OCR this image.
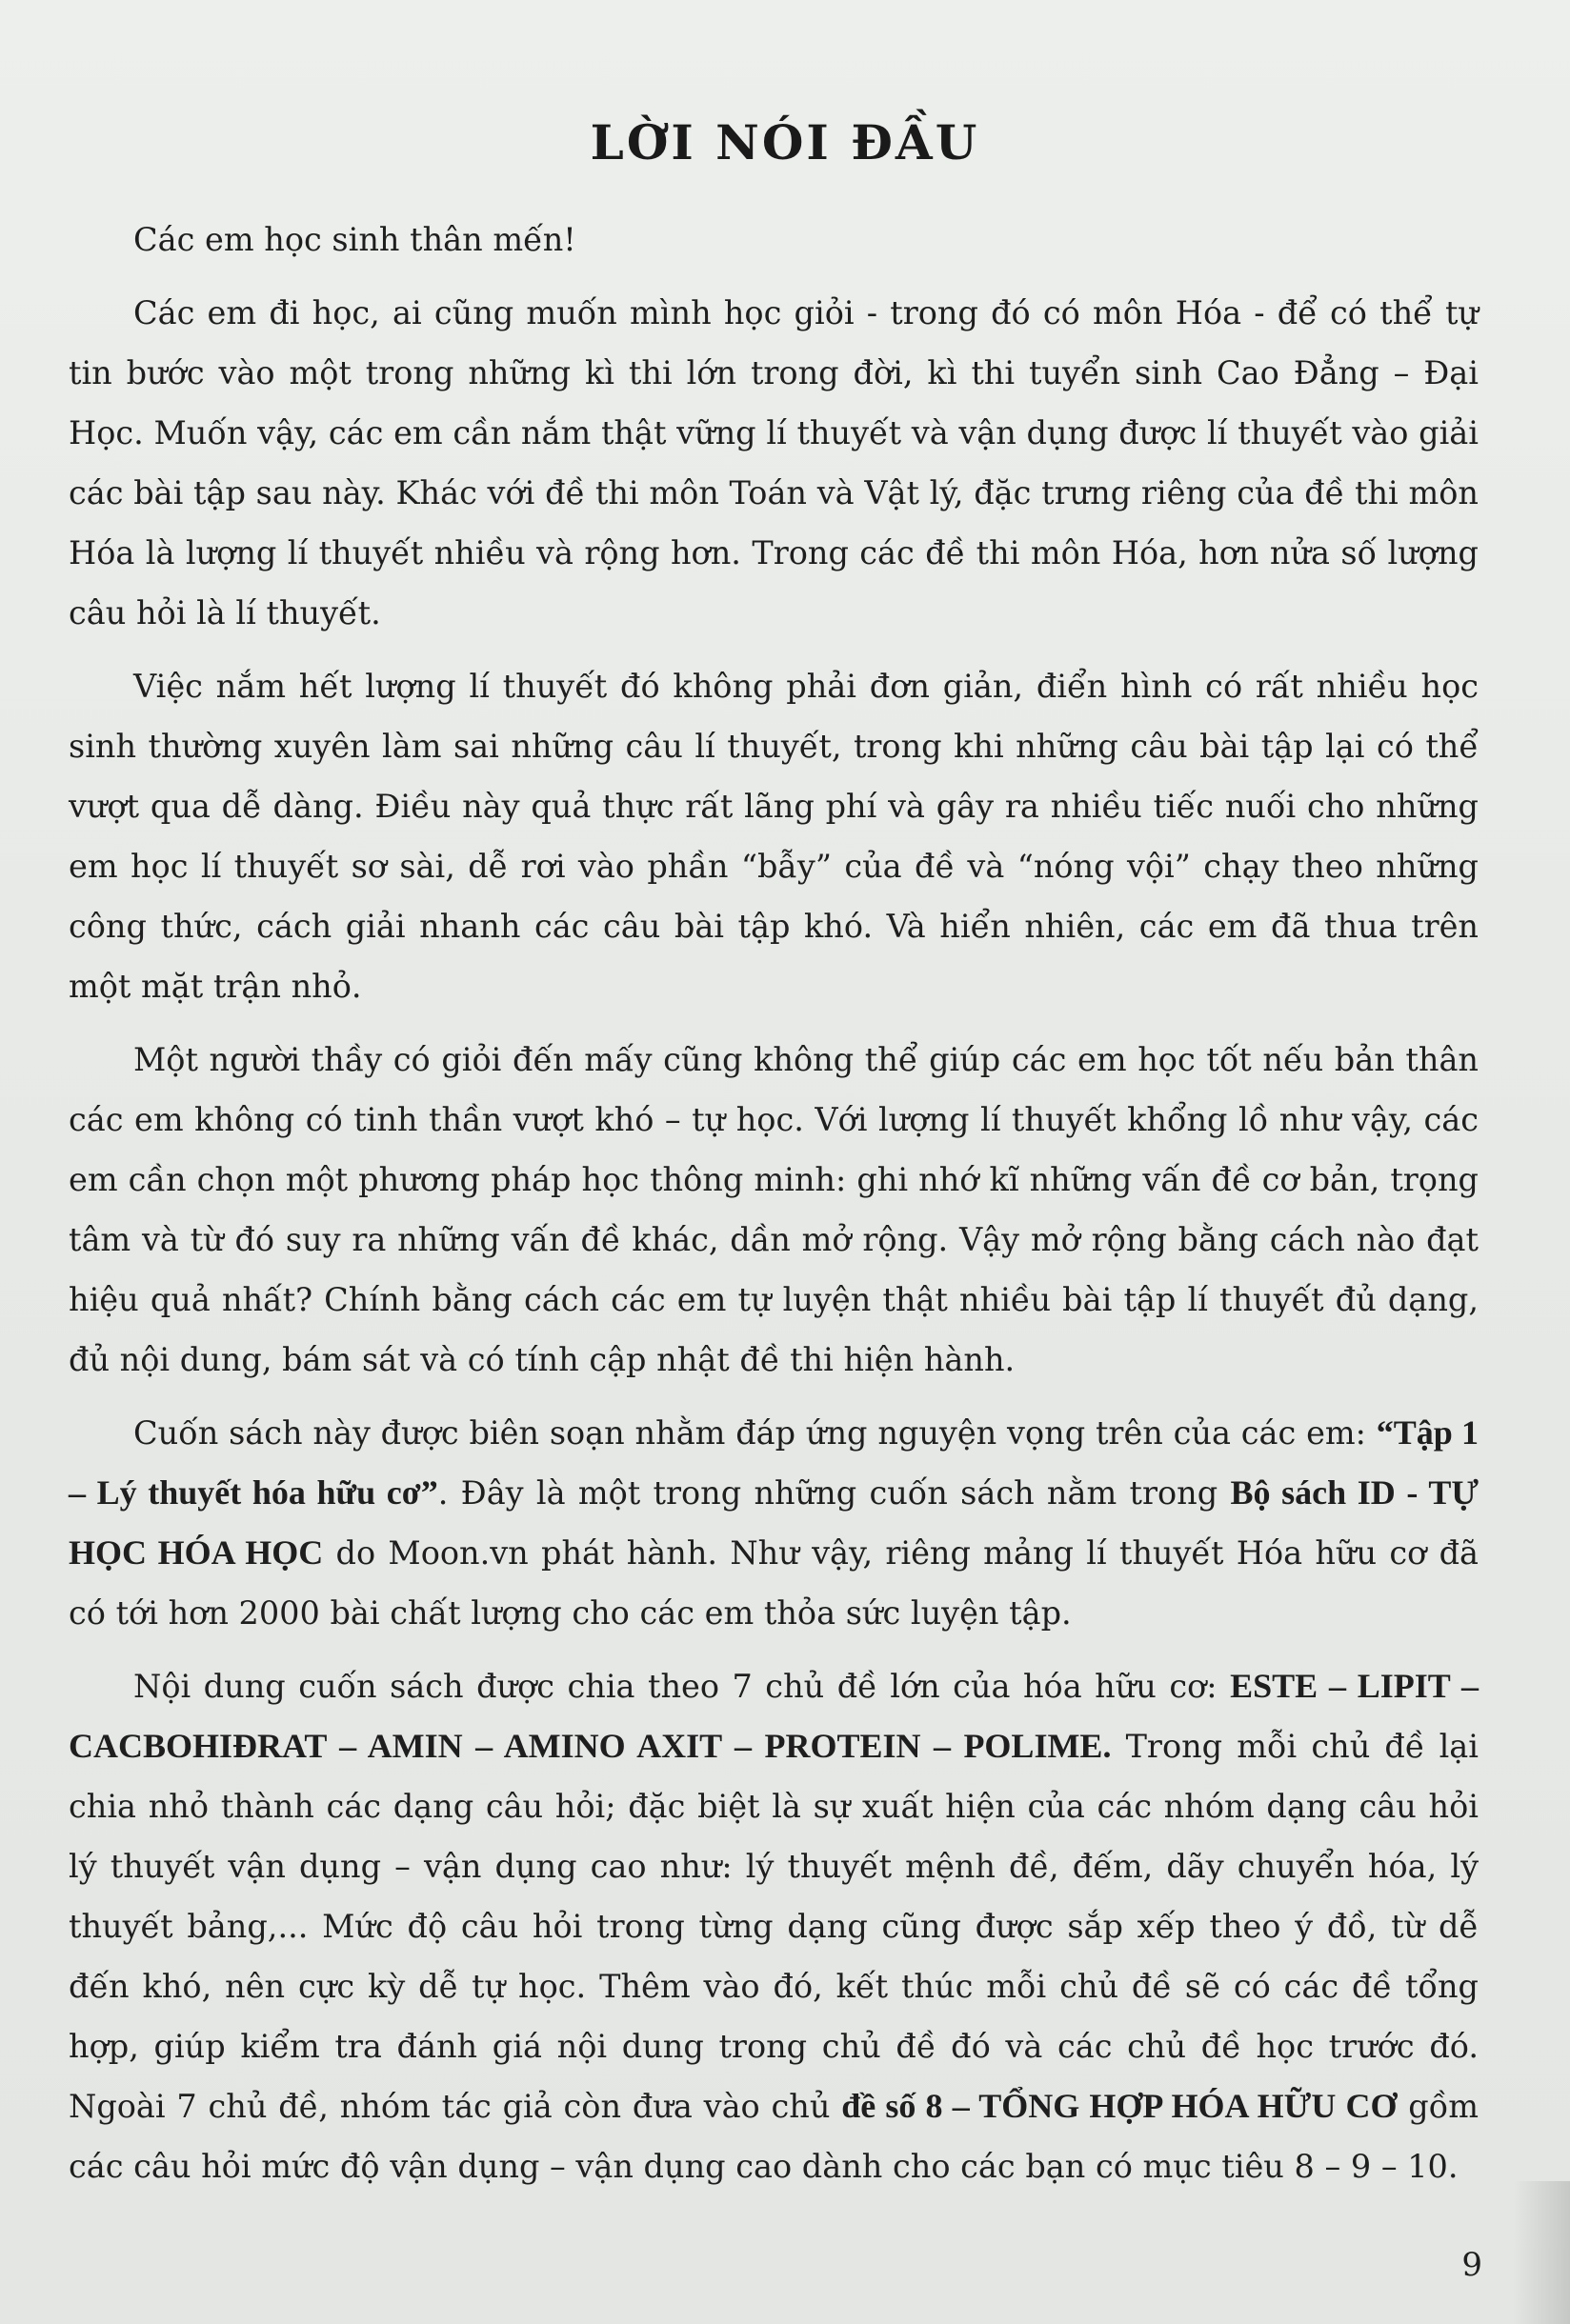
LỜI NÓI ĐẦU

Các em học sinh thân mến!

Các em đi học, ai cũng muốn mình học giỏi - trong đó có môn Hóa - để có thể tự tin bước vào một trong những kì thi lớn trong đời, kì thi tuyển sinh Cao Đẳng – Đại Học. Muốn vậy, các em cần nắm thật vững lí thuyết và vận dụng được lí thuyết vào giải các bài tập sau này. Khác với đề thi môn Toán và Vật lý, đặc trưng riêng của đề thi môn Hóa là lượng lí thuyết nhiều và rộng hơn. Trong các đề thi môn Hóa, hơn nửa số lượng câu hỏi là lí thuyết.

Việc nắm hết lượng lí thuyết đó không phải đơn giản, điển hình có rất nhiều học sinh thường xuyên làm sai những câu lí thuyết, trong khi những câu bài tập lại có thể vượt qua dễ dàng. Điều này quả thực rất lãng phí và gây ra nhiều tiếc nuối cho những em học lí thuyết sơ sài, dễ rơi vào phần “bẫy” của đề và “nóng vội” chạy theo những công thức, cách giải nhanh các câu bài tập khó. Và hiển nhiên, các em đã thua trên một mặt trận nhỏ.

Một người thầy có giỏi đến mấy cũng không thể giúp các em học tốt nếu bản thân các em không có tinh thần vượt khó – tự học. Với lượng lí thuyết khổng lồ như vậy, các em cần chọn một phương pháp học thông minh: ghi nhớ kĩ những vấn đề cơ bản, trọng tâm và từ đó suy ra những vấn đề khác, dần mở rộng. Vậy mở rộng bằng cách nào đạt hiệu quả nhất? Chính bằng cách các em tự luyện thật nhiều bài tập lí thuyết đủ dạng, đủ nội dung, bám sát và có tính cập nhật đề thi hiện hành.

Cuốn sách này được biên soạn nhằm đáp ứng nguyện vọng trên của các em: “Tập 1 – Lý thuyết hóa hữu cơ”. Đây là một trong những cuốn sách nằm trong Bộ sách ID - TỰ HỌC HÓA HỌC do Moon.vn phát hành. Như vậy, riêng mảng lí thuyết Hóa hữu cơ đã có tới hơn 2000 bài chất lượng cho các em thỏa sức luyện tập.

Nội dung cuốn sách được chia theo 7 chủ đề lớn của hóa hữu cơ: ESTE – LIPIT – CACBOHIĐRAT – AMIN – AMINO AXIT – PROTEIN – POLIME. Trong mỗi chủ đề lại chia nhỏ thành các dạng câu hỏi; đặc biệt là sự xuất hiện của các nhóm dạng câu hỏi lý thuyết vận dụng – vận dụng cao như: lý thuyết mệnh đề, đếm, dãy chuyển hóa, lý thuyết bảng,... Mức độ câu hỏi trong từng dạng cũng được sắp xếp theo ý đồ, từ dễ đến khó, nên cực kỳ dễ tự học. Thêm vào đó, kết thúc mỗi chủ đề sẽ có các đề tổng hợp, giúp kiểm tra đánh giá nội dung trong chủ đề đó và các chủ đề học trước đó. Ngoài 7 chủ đề, nhóm tác giả còn đưa vào chủ đề số 8 – TỔNG HỢP HÓA HỮU CƠ gồm các câu hỏi mức độ vận dụng – vận dụng cao dành cho các bạn có mục tiêu 8 – 9 – 10.

9
